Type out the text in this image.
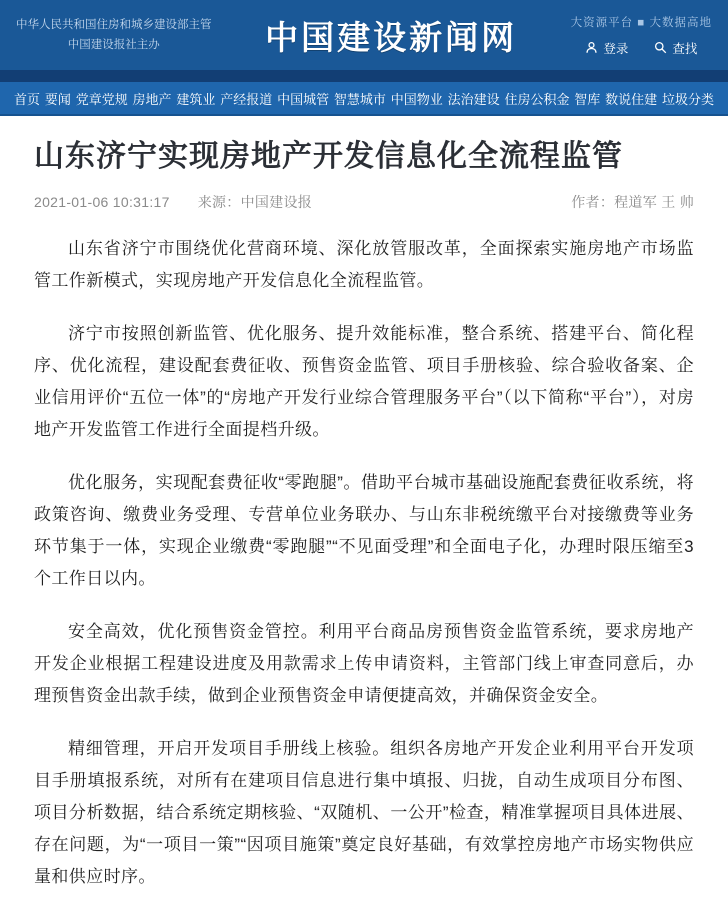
中华人民共和国住房和城乡建设部主管
中国建设报社主办	中国建设新闻网	大资源平台 ■ 大数据高地
登录	查找
首页 要闻 党章党规 房地产 建筑业 产经报道 中国城管 智慧城市 中国物业 法治建设 住房公积金 智库 数说住建 垃圾分类
山东济宁实现房地产开发信息化全流程监管
2021-01-06 10:31:17 来源：中国建设报	作者：程道军 王 帅

山东省济宁市围绕优化营商环境、深化放管服改革，全面探索实施房地产市场监管工作新模式，实现房地产开发信息化全流程监管。

济宁市按照创新监管、优化服务、提升效能标准，整合系统、搭建平台、简化程序、优化流程，建设配套费征收、预售资金监管、项目手册核验、综合验收备案、企业信用评价“五位一体”的“房地产开发行业综合管理服务平台”（以下简称“平台”），对房地产开发监管工作进行全面提档升级。

优化服务，实现配套费征收“零跑腿”。借助平台城市基础设施配套费征收系统，将政策咨询、缴费业务受理、专营单位业务联办、与山东非税统缴平台对接缴费等业务环节集于一体，实现企业缴费“零跑腿”“不见面受理”和全面电子化，办理时限压缩至3个工作日以内。

安全高效，优化预售资金管控。利用平台商品房预售资金监管系统，要求房地产开发企业根据工程建设进度及用款需求上传申请资料，主管部门线上审查同意后，办理预售资金出款手续，做到企业预售资金申请便捷高效，并确保资金安全。

精细管理，开启开发项目手册线上核验。组织各房地产开发企业利用平台开发项目手册填报系统，对所有在建项目信息进行集中填报、归拢，自动生成项目分布图、项目分析数据，结合系统定期核验、“双随机、一公开”检查，精准掌握项目具体进展、存在问题，为“一项目一策”“因项目施策”奠定良好基础，有效掌控房地产市场实物供应量和供应时序。
